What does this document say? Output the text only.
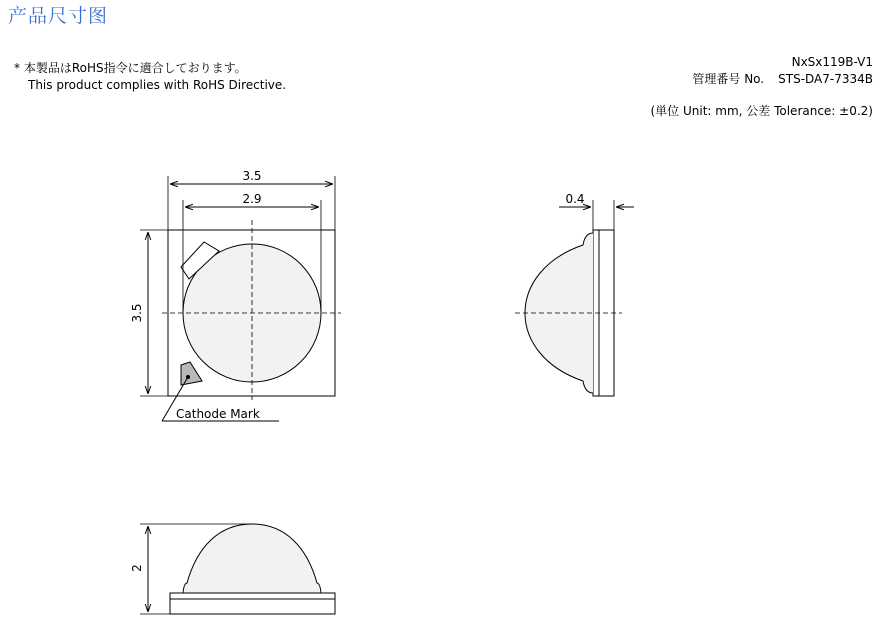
产品尺寸图
* 本製品はRoHS指令に適合しております。
This product complies with RoHS Directive.
NxSx119B-V1
管理番号 No. STS-DA7-7334B
(単位 Unit: mm, 公差 Tolerance: ±0.2)
3.5
2.9
3.5
Cathode Mark
0.4
2
